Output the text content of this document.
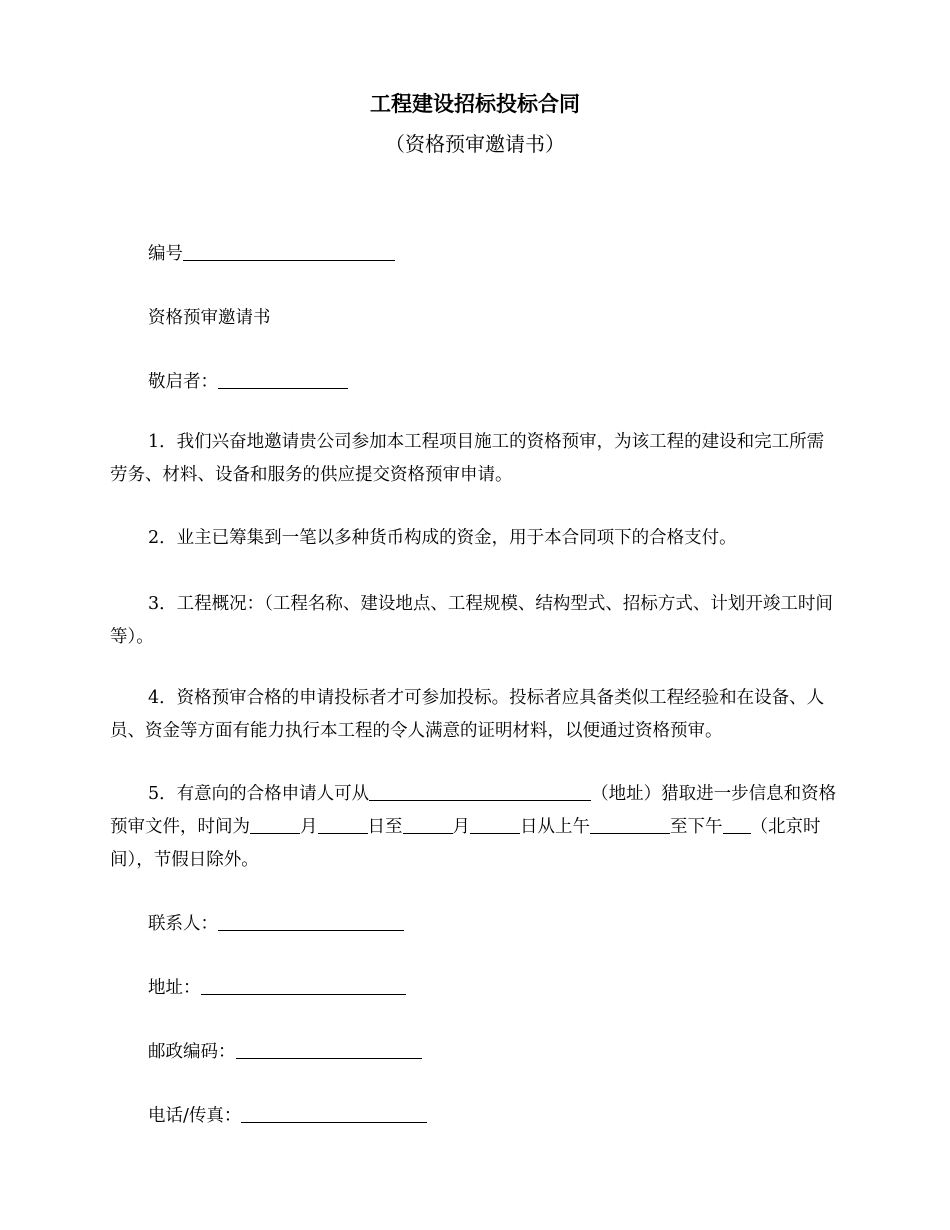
工程建设招标投标合同
（资格预审邀请书）
编号
资格预审邀请书
敬启者：
1．我们兴奋地邀请贵公司参加本工程项目施工的资格预审，为该工程的建设和完工所需劳务、材料、设备和服务的供应提交资格预审申请。
2．业主已筹集到一笔以多种货币构成的资金，用于本合同项下的合格支付。
3．工程概况：（工程名称、建设地点、工程规模、结构型式、招标方式、计划开竣工时间等）。
4．资格预审合格的申请投标者才可参加投标。投标者应具备类似工程经验和在设备、人员、资金等方面有能力执行本工程的令人满意的证明材料，以便通过资格预审。
5．有意向的合格申请人可从	（地址）猎取进一步信息和资格预审文件，时间为	月	日至	月	日从上午	至下午 （北京时间），节假日除外。
联系人：
地址：
邮政编码：
电话/传真：
